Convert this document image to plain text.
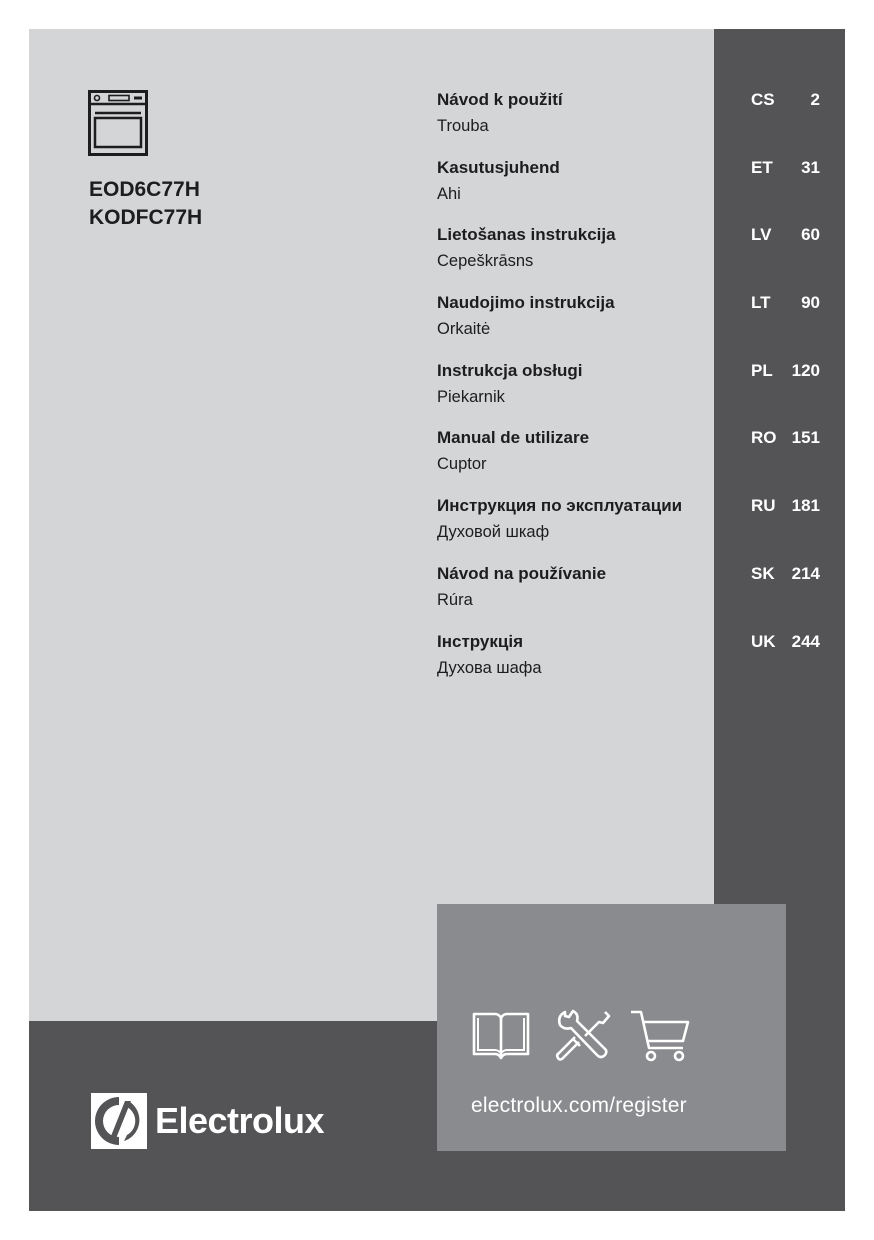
EOD6C77H
KODFC77H
Návod k použití
Trouba
Kasutusjuhend
Ahi
Lietošanas instrukcija
Cepeškrāsns
Naudojimo instrukcija
Orkaitė
Instrukcja obsługi
Piekarnik
Manual de utilizare
Cuptor
Инструкция по эксплуатации
Духовой шкаф
Návod na používanie
Rúra
Інструкція
Духова шафа
CS 2
ET 31
LV 60
LT 90
PL 120
RO 151
RU 181
SK 214
UK 244
electrolux.com/register
Electrolux
